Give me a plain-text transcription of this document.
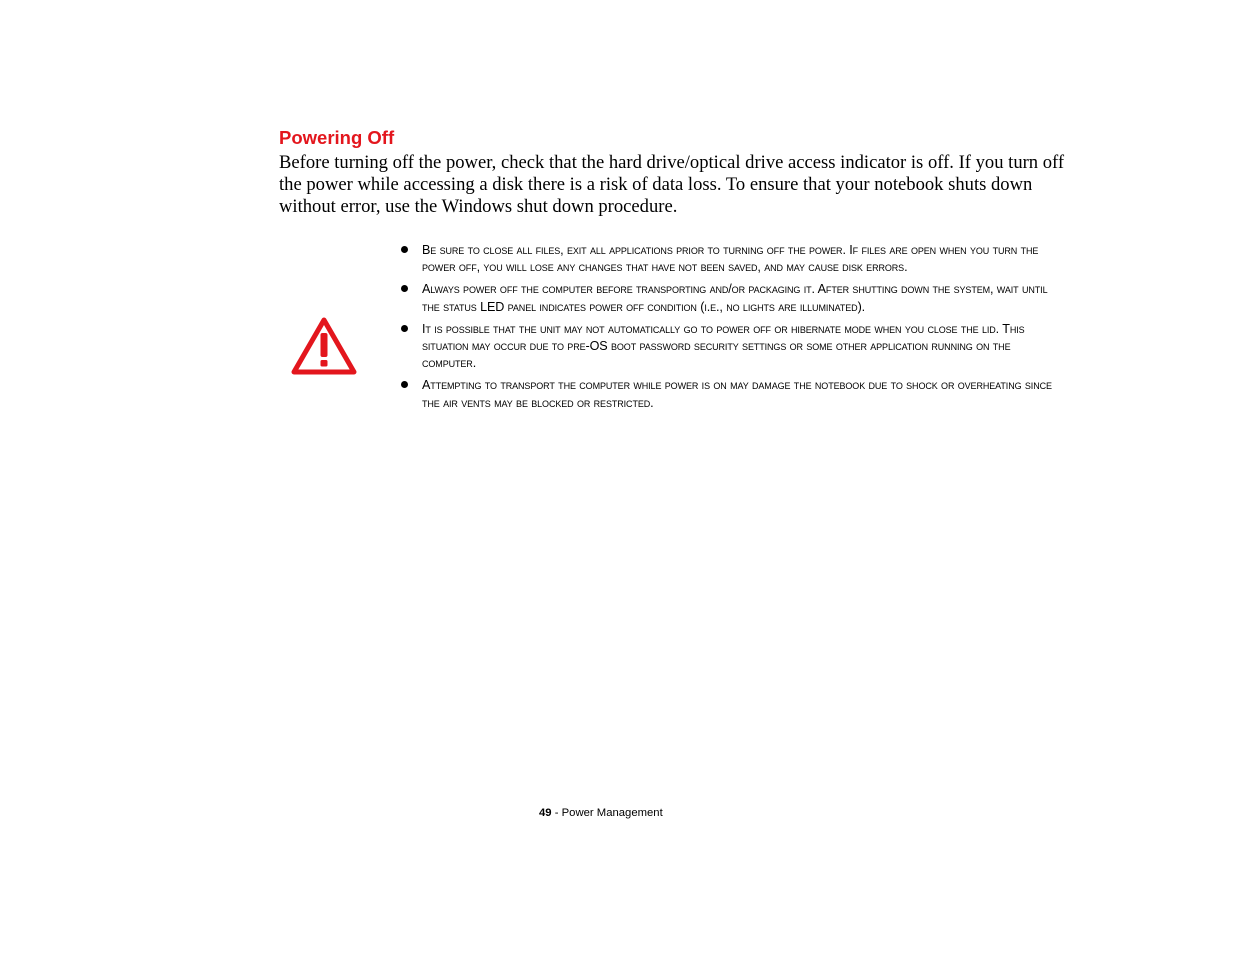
Powering Off

Before turning off the power, check that the hard drive/optical drive access indicator is off. If you turn off the power while accessing a disk there is a risk of data loss. To ensure that your notebook shuts down without error, use the Windows shut down procedure.

Be sure to close all files, exit all applications prior to turning off the power. If files are open when you turn the power off, you will lose any changes that have not been saved, and may cause disk errors.
Always power off the computer before transporting and/or packaging it. After shutting down the system, wait until the status LED panel indicates power off condition (i.e., no lights are illuminated).
It is possible that the unit may not automatically go to power off or hibernate mode when you close the lid. This situation may occur due to pre-OS boot password security settings or some other application running on the computer.
Attempting to transport the computer while power is on may damage the notebook due to shock or overheating since the air vents may be blocked or restricted.
49 - Power Management
